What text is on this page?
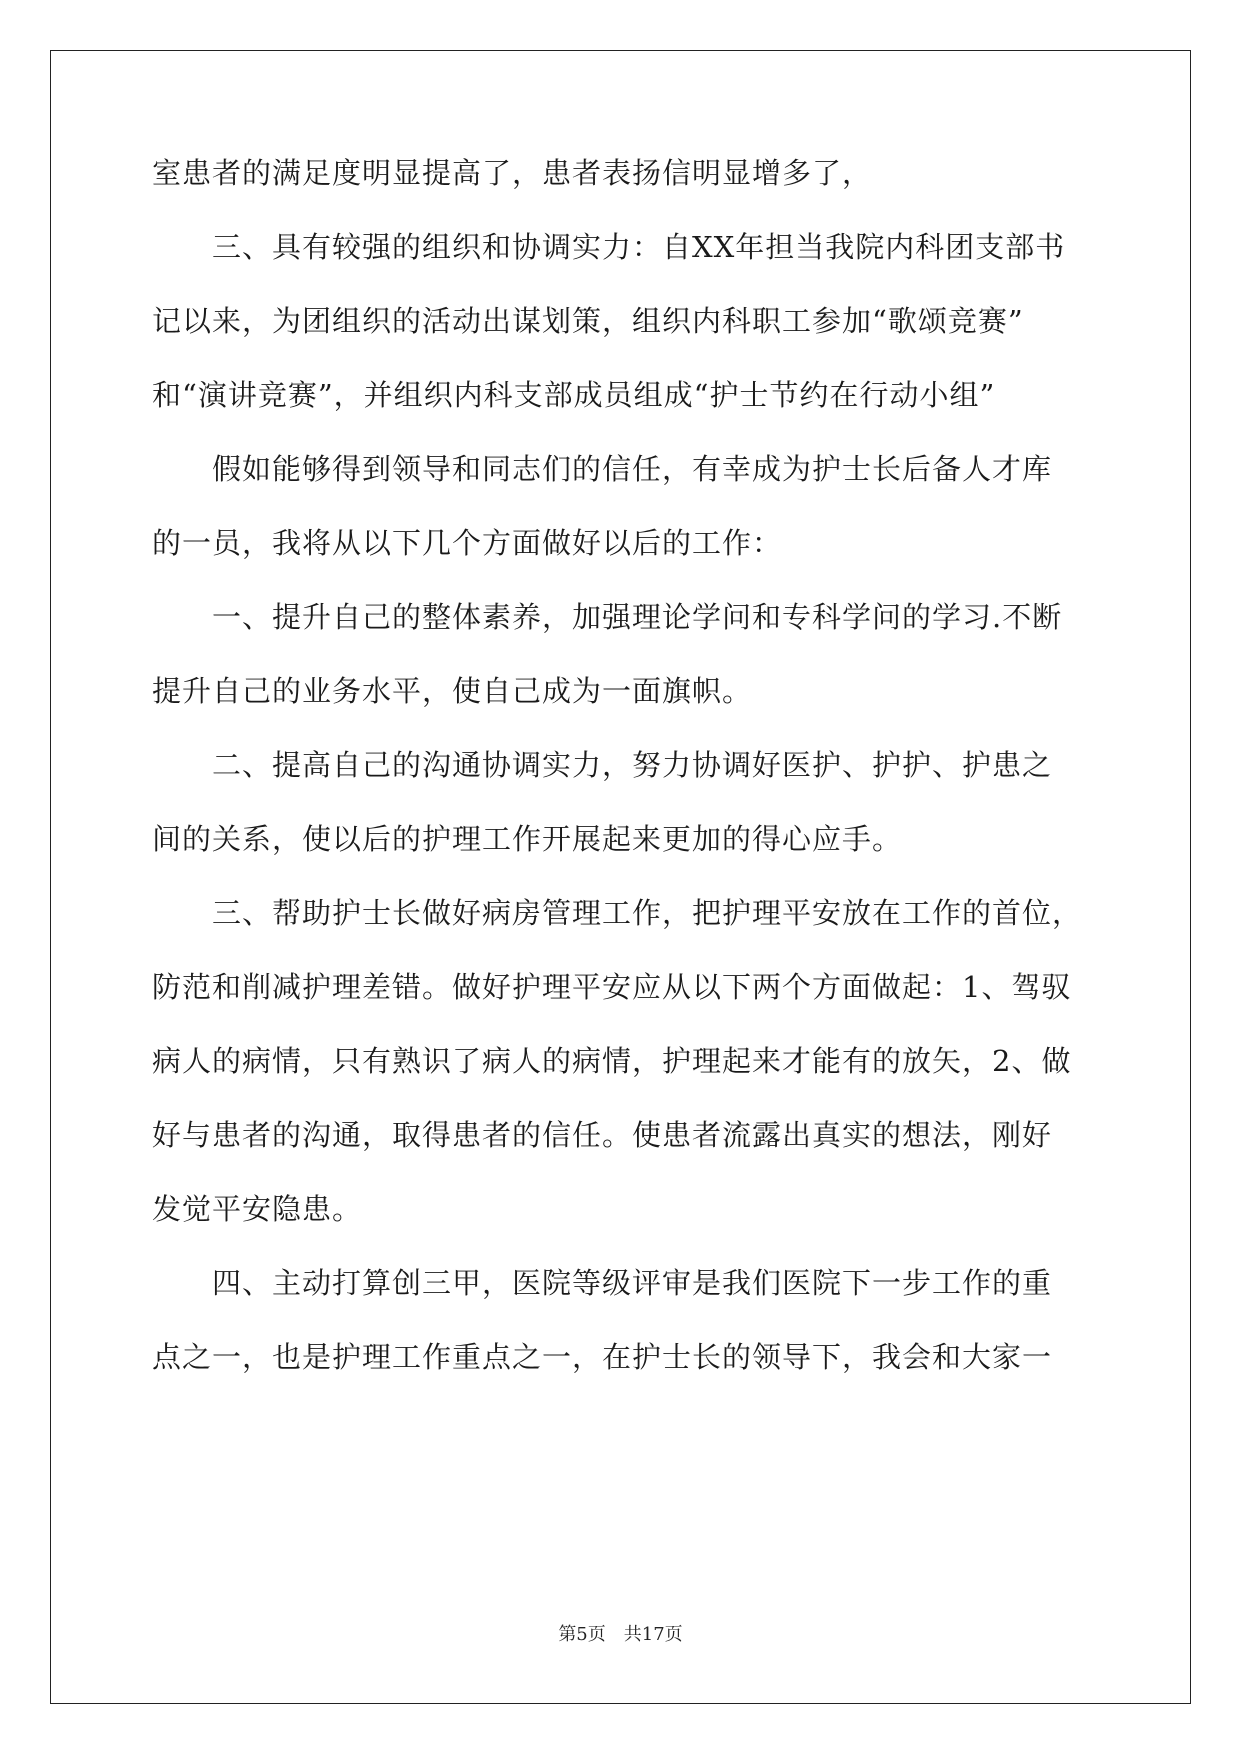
室患者的满足度明显提高了，患者表扬信明显增多了，
三、具有较强的组织和协调实力：自XX年担当我院内科团支部书
记以来，为团组织的活动出谋划策，组织内科职工参加“歌颂竞赛”
和“演讲竞赛”，并组织内科支部成员组成“护士节约在行动小组”
假如能够得到领导和同志们的信任，有幸成为护士长后备人才库
的一员，我将从以下几个方面做好以后的工作：
一、提升自己的整体素养，加强理论学问和专科学问的学习.不断
提升自己的业务水平，使自己成为一面旗帜。
二、提高自己的沟通协调实力，努力协调好医护、护护、护患之
间的关系，使以后的护理工作开展起来更加的得心应手。
三、帮助护士长做好病房管理工作，把护理平安放在工作的首位，
防范和削减护理差错。做好护理平安应从以下两个方面做起：1、驾驭
病人的病情，只有熟识了病人的病情，护理起来才能有的放矢，2、做
好与患者的沟通，取得患者的信任。使患者流露出真实的想法，刚好
发觉平安隐患。
四、主动打算创三甲，医院等级评审是我们医院下一步工作的重
点之一，也是护理工作重点之一，在护士长的领导下，我会和大家一
第5页　共17页
